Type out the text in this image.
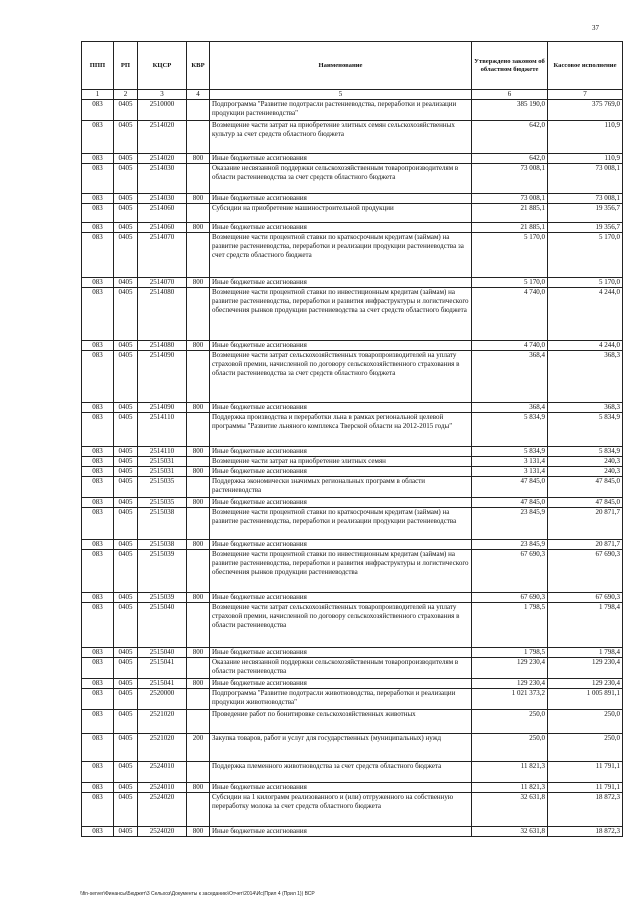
37
ППП	РП	КЦСР	КВР	Наименование	Утверждено законом об областном бюджете	Кассовое исполнение
1	2	3	4	5	6	7
083	0405	2510000		Подпрограмма "Развитие подотрасли растениеводства, переработки и реализации продукции растениеводства"	385 190,0	375 769,0
083	0405	2514020		Возмещение части затрат на приобретение элитных семян сельскохозяйственных культур за счет средств областного бюджета	642,0	110,9
083	0405	2514020	800	Иные бюджетные ассигнования	642,0	110,9
083	0405	2514030		Оказание несвязанной поддержки сельскохозяйственным товаропроизводителям в области растениеводства за счет средств областного бюджета	73 008,1	73 008,1
083	0405	2514030	800	Иные бюджетные ассигнования	73 008,1	73 008,1
083	0405	2514060		Субсидии на приобретение машиностроительной продукции	21 885,1	19 356,7
083	0405	2514060	800	Иные бюджетные ассигнования	21 885,1	19 356,7
083	0405	2514070		Возмещение части процентной ставки по краткосрочным кредитам (займам) на развитие растениеводства, переработки и реализации продукции растениеводства за счет средств областного бюджета	5 170,0	5 170,0
083	0405	2514070	800	Иные бюджетные ассигнования	5 170,0	5 170,0
083	0405	2514080		Возмещение части процентной ставки по инвестиционным кредитам (займам) на развитие растениеводства, переработки и развития инфраструктуры и логистического обеспечения рынков продукции растениеводства за счет средств областного бюджета	4 740,0	4 244,0
083	0405	2514080	800	Иные бюджетные ассигнования	4 740,0	4 244,0
083	0405	2514090		Возмещение части затрат сельскохозяйственных товаропроизводителей на уплату страховой премии, начисленной по договору сельскохозяйственного страхования в области растениеводства за счет средств областного бюджета	368,4	368,3
083	0405	2514090	800	Иные бюджетные ассигнования	368,4	368,3
083	0405	2514110		Поддержка производства и переработки льна в рамках региональной целевой программы "Развитие льняного комплекса Тверской области на 2012-2015 годы"	5 834,9	5 834,9
083	0405	2514110	800	Иные бюджетные ассигнования	5 834,9	5 834,9
083	0405	2515031		Возмещение части затрат на приобретение элитных семян	3 131,4	240,3
083	0405	2515031	800	Иные бюджетные ассигнования	3 131,4	240,3
083	0405	2515035		Поддержка экономически значимых региональных программ в области растениеводства	47 845,0	47 845,0
083	0405	2515035	800	Иные бюджетные ассигнования	47 845,0	47 845,0
083	0405	2515038		Возмещение части процентной ставки по краткосрочным кредитам (займам) на развитие растениеводства, переработки и реализации продукции растениеводства	23 845,9	20 871,7
083	0405	2515038	800	Иные бюджетные ассигнования	23 845,9	20 871,7
083	0405	2515039		Возмещение части процентной ставки по инвестиционным кредитам (займам) на развитие растениеводства, переработки и развития инфраструктуры и логистического обеспечения рынков продукции растениеводства	67 690,3	67 690,3
083	0405	2515039	800	Иные бюджетные ассигнования	67 690,3	67 690,3
083	0405	2515040		Возмещение части затрат сельскохозяйственных товаропроизводителей на уплату страховой премии, начисленной по договору сельскохозяйственного страхования в области растениеводства	1 798,5	1 798,4
083	0405	2515040	800	Иные бюджетные ассигнования	1 798,5	1 798,4
083	0405	2515041		Оказание несвязанной поддержки сельскохозяйственным товаропроизводителям в области растениеводства	129 230,4	129 230,4
083	0405	2515041	800	Иные бюджетные ассигнования	129 230,4	129 230,4
083	0405	2520000		Подпрограмма "Развитие подотрасли животноводства, переработки и реализации продукции животноводства"	1 021 373,2	1 005 891,1
083	0405	2521020		Проведение работ по бонитировке сельскохозяйственных животных	250,0	250,0
083	0405	2521020	200	Закупка товаров, работ и услуг для государственных (муниципальных) нужд	250,0	250,0
083	0405	2524010		Поддержка племенного животноводства за счет средств областного бюджета	11 821,3	11 791,1
083	0405	2524010	800	Иные бюджетные ассигнования	11 821,3	11 791,1
083	0405	2524020		Субсидии на 1 килограмм реализованного и (или) отгруженного на собственную переработку молока за счет средств областного бюджета	32 631,8	18 872,3
083	0405	2524020	800	Иные бюджетные ассигнования	32 631,8	18 872,3
\\fin-server\Финансы\Бюджет\3 Сельхоз\Документы к заседанию\Отчет\2014\Ис(Прил 4 (Прил 1)) ВСР
